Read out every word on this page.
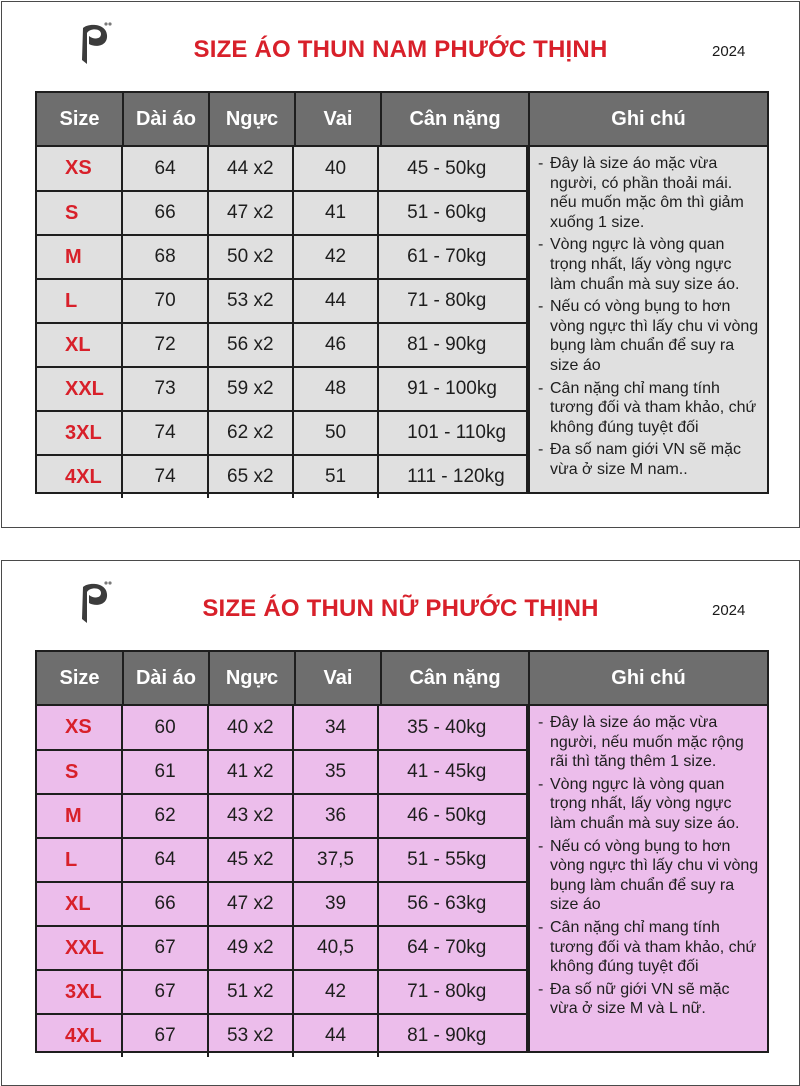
SIZE ÁO THUN NAM PHƯỚC THỊNH	2024
Size	Dài áo	Ngực	Vai	Cân nặng	Ghi chú
XS	64	44 x2	40	45 - 50kg
S	66	47 x2	41	51 - 60kg
M	68	50 x2	42	61 - 70kg
L	70	53 x2	44	71 - 80kg
XL	72	56 x2	46	81 - 90kg
XXL	73	59 x2	48	91 - 100kg
3XL	74	62 x2	50	101 - 110kg
4XL	74	65 x2	51	111 - 120kg
- Đây là size áo mặc vừa người, có phần thoải mái. nếu muốn mặc ôm thì giảm xuống 1 size.
- Vòng ngực là vòng quan trọng nhất, lấy vòng ngực làm chuẩn mà suy size áo.
- Nếu có vòng bụng to hơn vòng ngực thì lấy chu vi vòng bụng làm chuẩn để suy ra size áo
- Cân nặng chỉ mang tính tương đối và tham khảo, chứ không đúng tuyệt đối
- Đa số nam giới VN sẽ mặc vừa ở size M nam..
SIZE ÁO THUN NỮ PHƯỚC THỊNH	2024
Size	Dài áo	Ngực	Vai	Cân nặng	Ghi chú
XS	60	40 x2	34	35 - 40kg
S	61	41 x2	35	41 - 45kg
M	62	43 x2	36	46 - 50kg
L	64	45 x2	37,5	51 - 55kg
XL	66	47 x2	39	56 - 63kg
XXL	67	49 x2	40,5	64 - 70kg
3XL	67	51 x2	42	71 - 80kg
4XL	67	53 x2	44	81 - 90kg
- Đây là size áo mặc vừa người, nếu muốn mặc rộng rãi thì tăng thêm 1 size.
- Vòng ngực là vòng quan trọng nhất, lấy vòng ngực làm chuẩn mà suy size áo.
- Nếu có vòng bụng to hơn vòng ngực thì lấy chu vi vòng bụng làm chuẩn để suy ra size áo
- Cân nặng chỉ mang tính tương đối và tham khảo, chứ không đúng tuyệt đối
- Đa số nữ giới VN sẽ mặc vừa ở size M và L nữ.
